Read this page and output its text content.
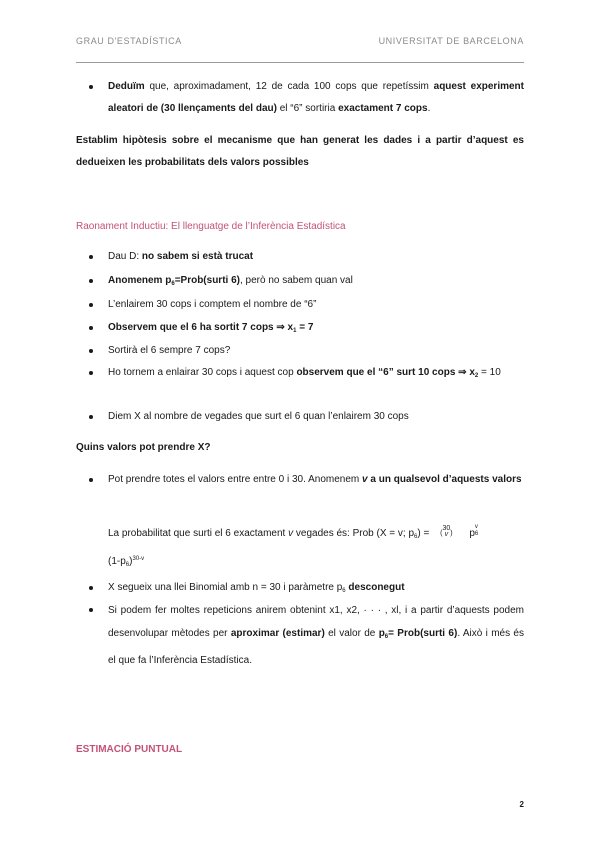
GRAU D'ESTADÍSTICA	UNIVERSITAT DE BARCELONA
Deduïm que, aproximadament, 12 de cada 100 cops que repetíssim aquest experiment aleatori de (30 llençaments del dau) el “6” sortiria exactament 7 cops.
Establim hipòtesis sobre el mecanisme que han generat les dades i a partir d’aquest es dedueixen les probabilitats dels valors possibles
Raonament Inductiu: El llenguatge de l’Inferència Estadística
Dau D: no sabem si està trucat
Anomenem $p_6=Prob(surti$ 6), però no sabem quan val
L’enlairem 30 cops i comptem el nombre de “6”
Observem que el 6 ha sortit 7 cops ⇒ $x_1 = 7$
Sortirà el 6 sempre 7 cops?
Ho tornem a enlairar 30 cops i aquest cop observem que el “6” surt 10 cops ⇒ $x_2 = 10$
Diem X al nombre de vegades que surt el 6 quan l’enlairem 30 cops
Quins valors pot prendre X?
Pot prendre totes el valors entre entre 0 i 30. Anomenem v a un qualsevol d’aquests valors
La probabilitat que surti el 6 exactament v vegades és: Prob (X = v; $p_6) = (30$
v ) pv
6
$(1-p_6)^{30-v}$
X segueix una llei Binomial amb n = 30 i paràmetre $p_6$ desconegut
Si podem fer moltes repeticions anirem obtenint x1, x2, · · · , xl, i a partir d’aquests podem desenvolupar mètodes per aproximar (estimar) el valor de $p_6=$ Prob(surti 6). Això i més és el que fa l’Inferència Estadística.
ESTIMACIÓ PUNTUAL
2
